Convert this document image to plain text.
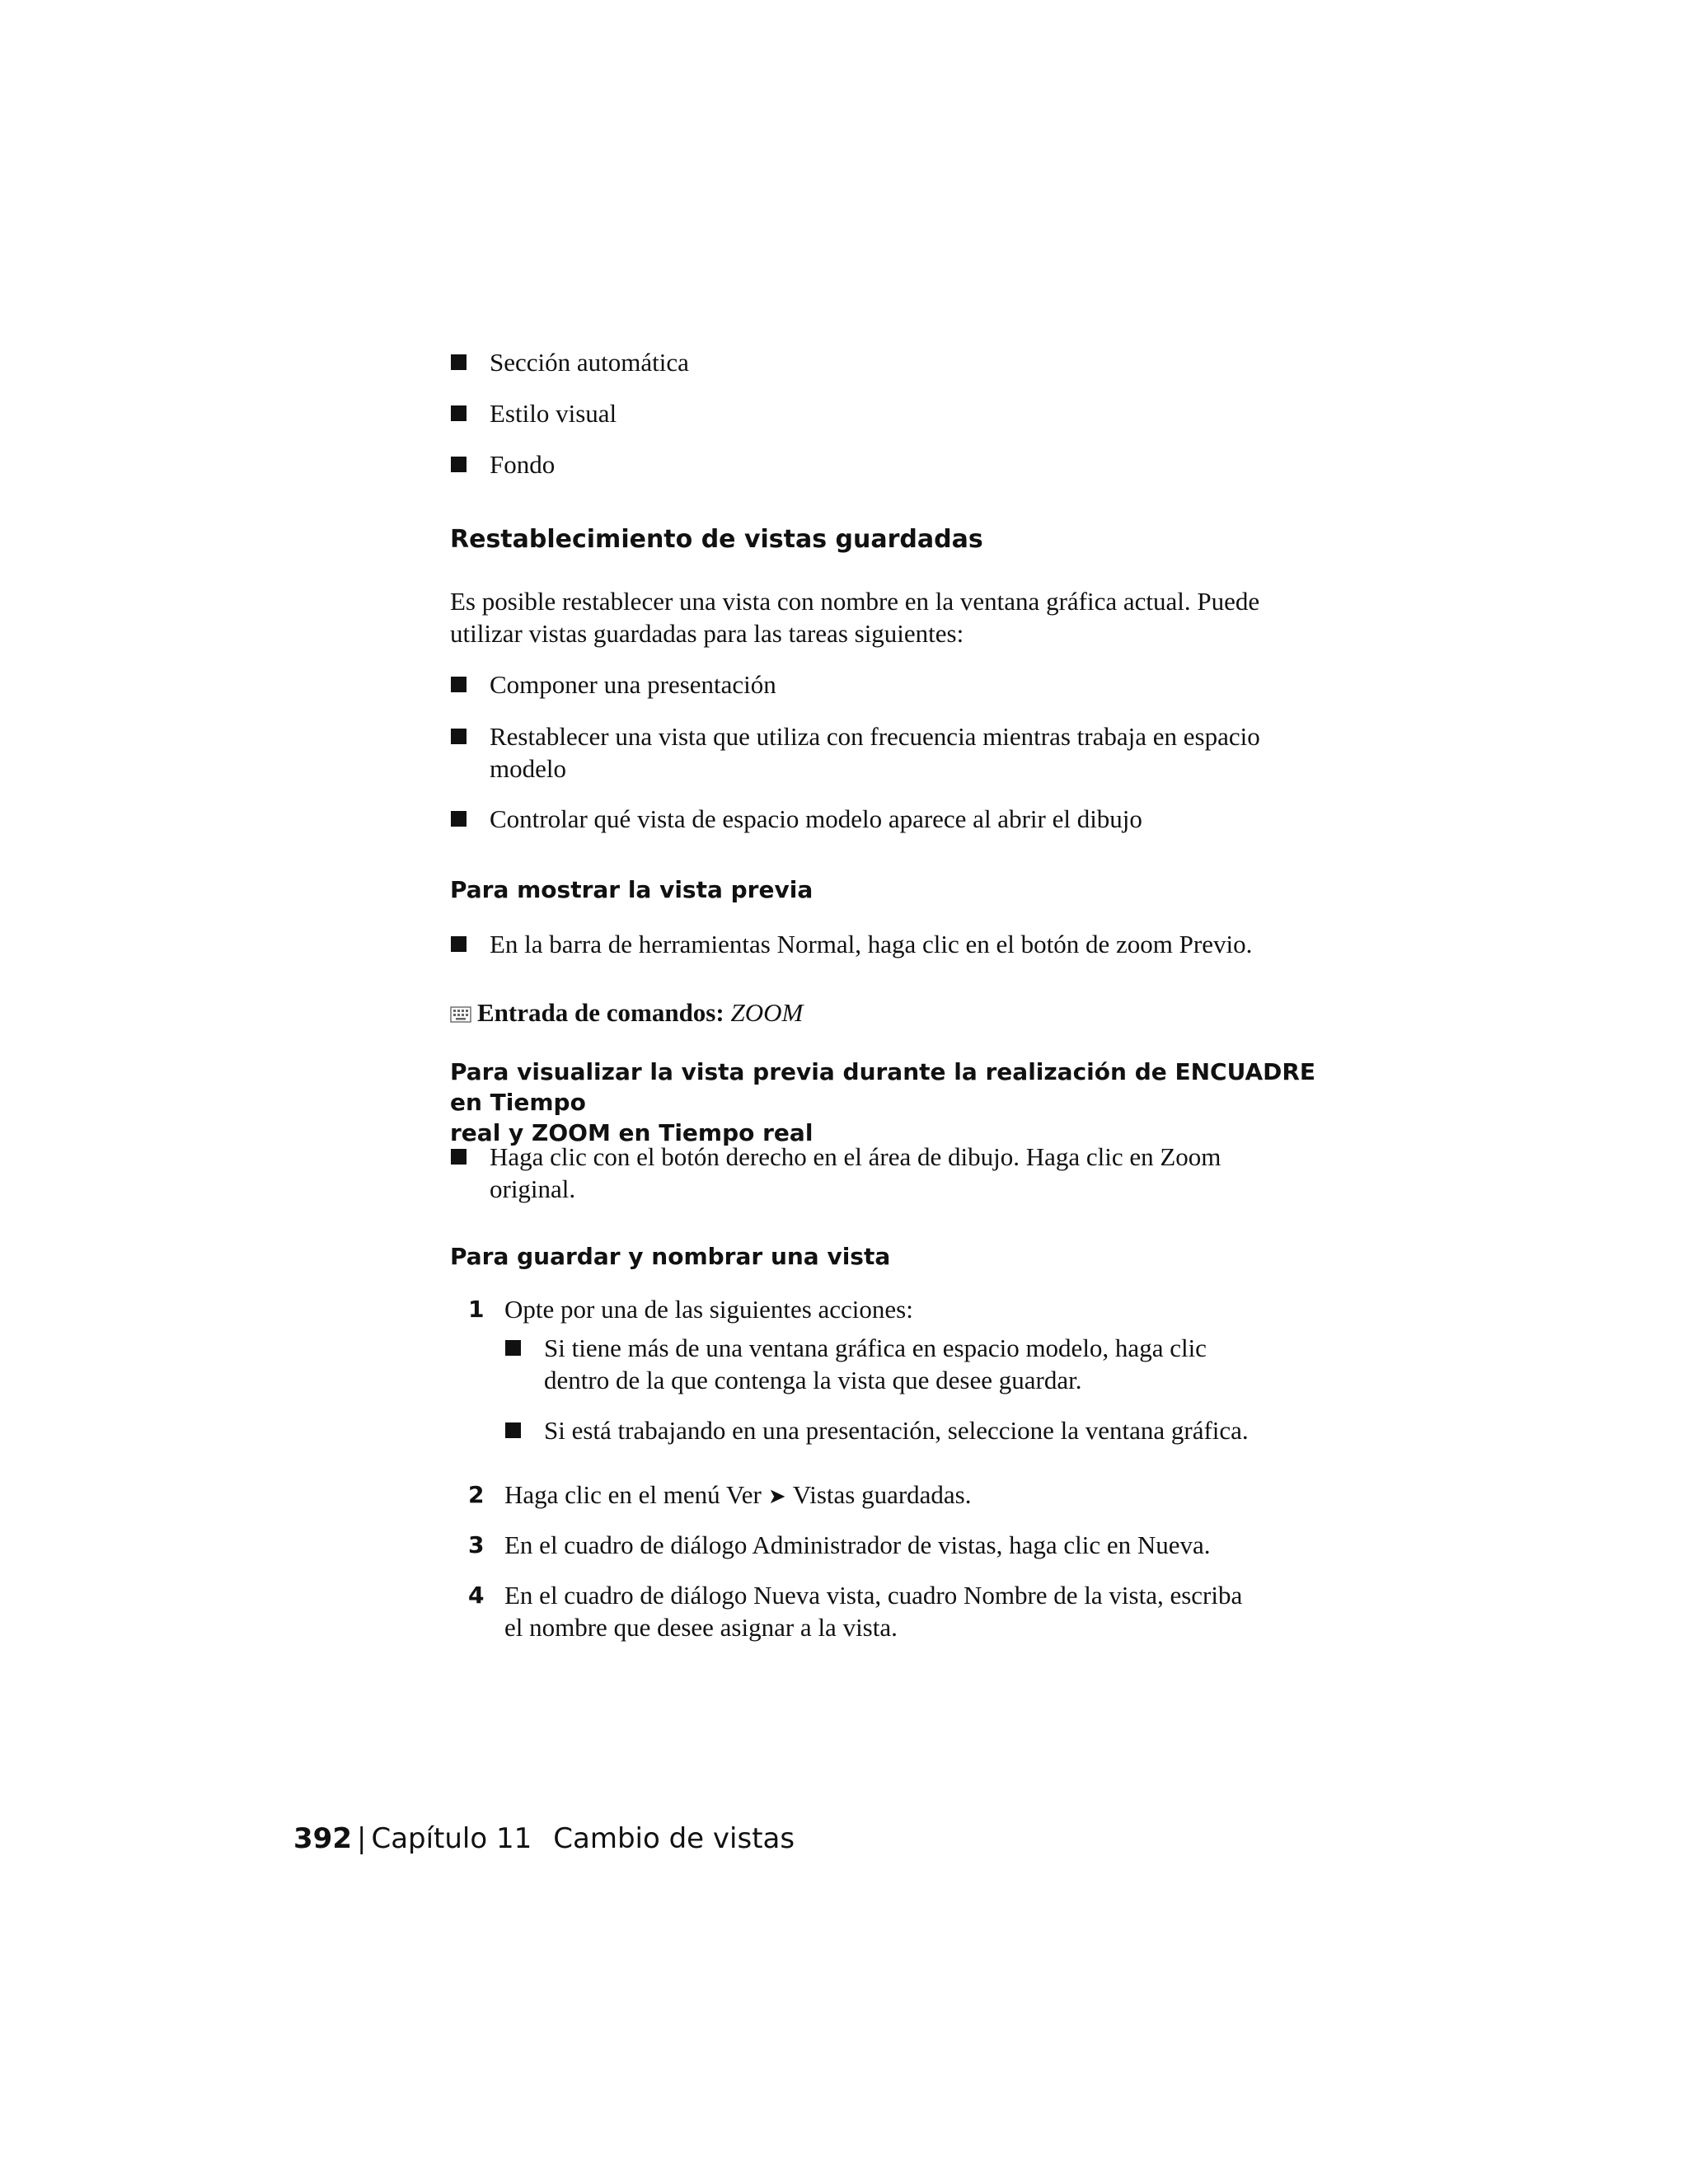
Sección automática
Estilo visual
Fondo
Restablecimiento de vistas guardadas
Es posible restablecer una vista con nombre en la ventana gráfica actual. Puede
utilizar vistas guardadas para las tareas siguientes:
Componer una presentación
Restablecer una vista que utiliza con frecuencia mientras trabaja en espacio
modelo
Controlar qué vista de espacio modelo aparece al abrir el dibujo
Para mostrar la vista previa
En la barra de herramientas Normal, haga clic en el botón de zoom Previo.
Entrada de comandos: ZOOM
Para visualizar la vista previa durante la realización de ENCUADRE en Tiempo
real y ZOOM en Tiempo real
Haga clic con el botón derecho en el área de dibujo. Haga clic en Zoom
original.
Para guardar y nombrar una vista
1 Opte por una de las siguientes acciones:
Si tiene más de una ventana gráfica en espacio modelo, haga clic
dentro de la que contenga la vista que desee guardar.
Si está trabajando en una presentación, seleccione la ventana gráfica.
2 Haga clic en el menú Ver ➤ Vistas guardadas.
3 En el cuadro de diálogo Administrador de vistas, haga clic en Nueva.
4 En el cuadro de diálogo Nueva vista, cuadro Nombre de la vista, escriba
el nombre que desee asignar a la vista.
392 | Capítulo 11 Cambio de vistas
